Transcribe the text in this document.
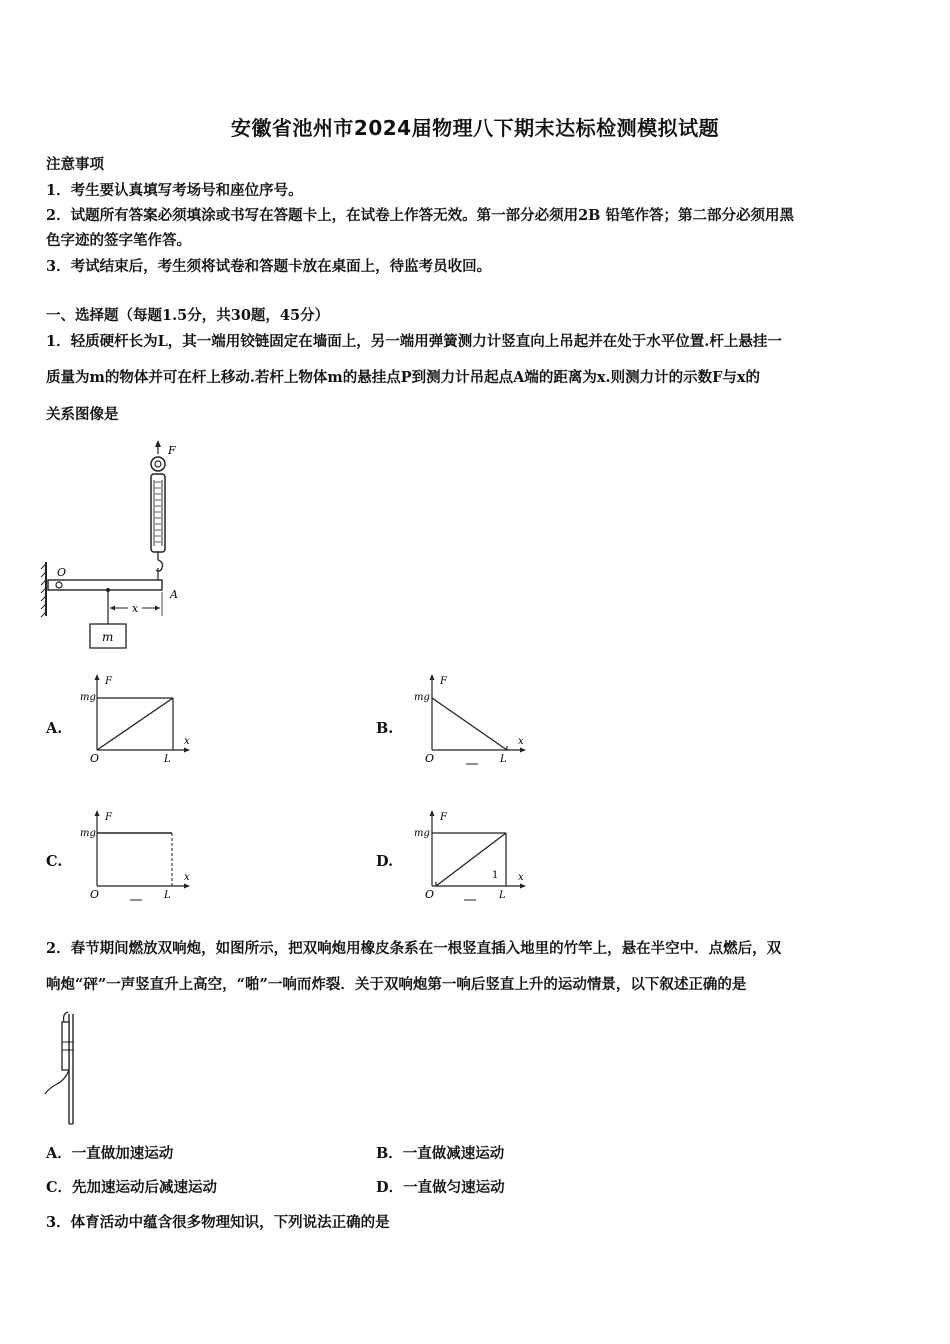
安徽省池州市2024届物理八下期末达标检测模拟试题
注意事项
1．考生要认真填写考场号和座位序号。
2．试题所有答案必须填涂或书写在答题卡上，在试卷上作答无效。第一部分必须用2B 铅笔作答；第二部分必须用黑
色字迹的签字笔作答。
3．考试结束后，考生须将试卷和答题卡放在桌面上，待监考员收回。
一、选择题（每题1.5分，共30题，45分）
1．轻质硬杆长为L，其一端用铰链固定在墙面上，另一端用弹簧测力计竖直向上吊起并在处于水平位置.杆上悬挂一
质量为m的物体并可在杆上移动.若杆上物体m的悬挂点P到测力计吊起点A端的距离为x.则测力计的示数F与x的
关系图像是
F
O
A
m
x
A.
F
mg
O	L
x
B.
F
mg
O	L
x
C.
F
mg
O	L
x
D.
F
mg
O	L
1 x
2．春节期间燃放双响炮，如图所示，把双响炮用橡皮条系在一根竖直插入地里的竹竿上，悬在半空中．点燃后，双
响炮“砰”一声竖直升上高空，“啪”一响而炸裂．关于双响炮第一响后竖直上升的运动情景，以下叙述正确的是
A．一直做加速运动	B．一直做减速运动
C．先加速运动后减速运动	D．一直做匀速运动
3．体育活动中蕴含很多物理知识，下列说法正确的是
